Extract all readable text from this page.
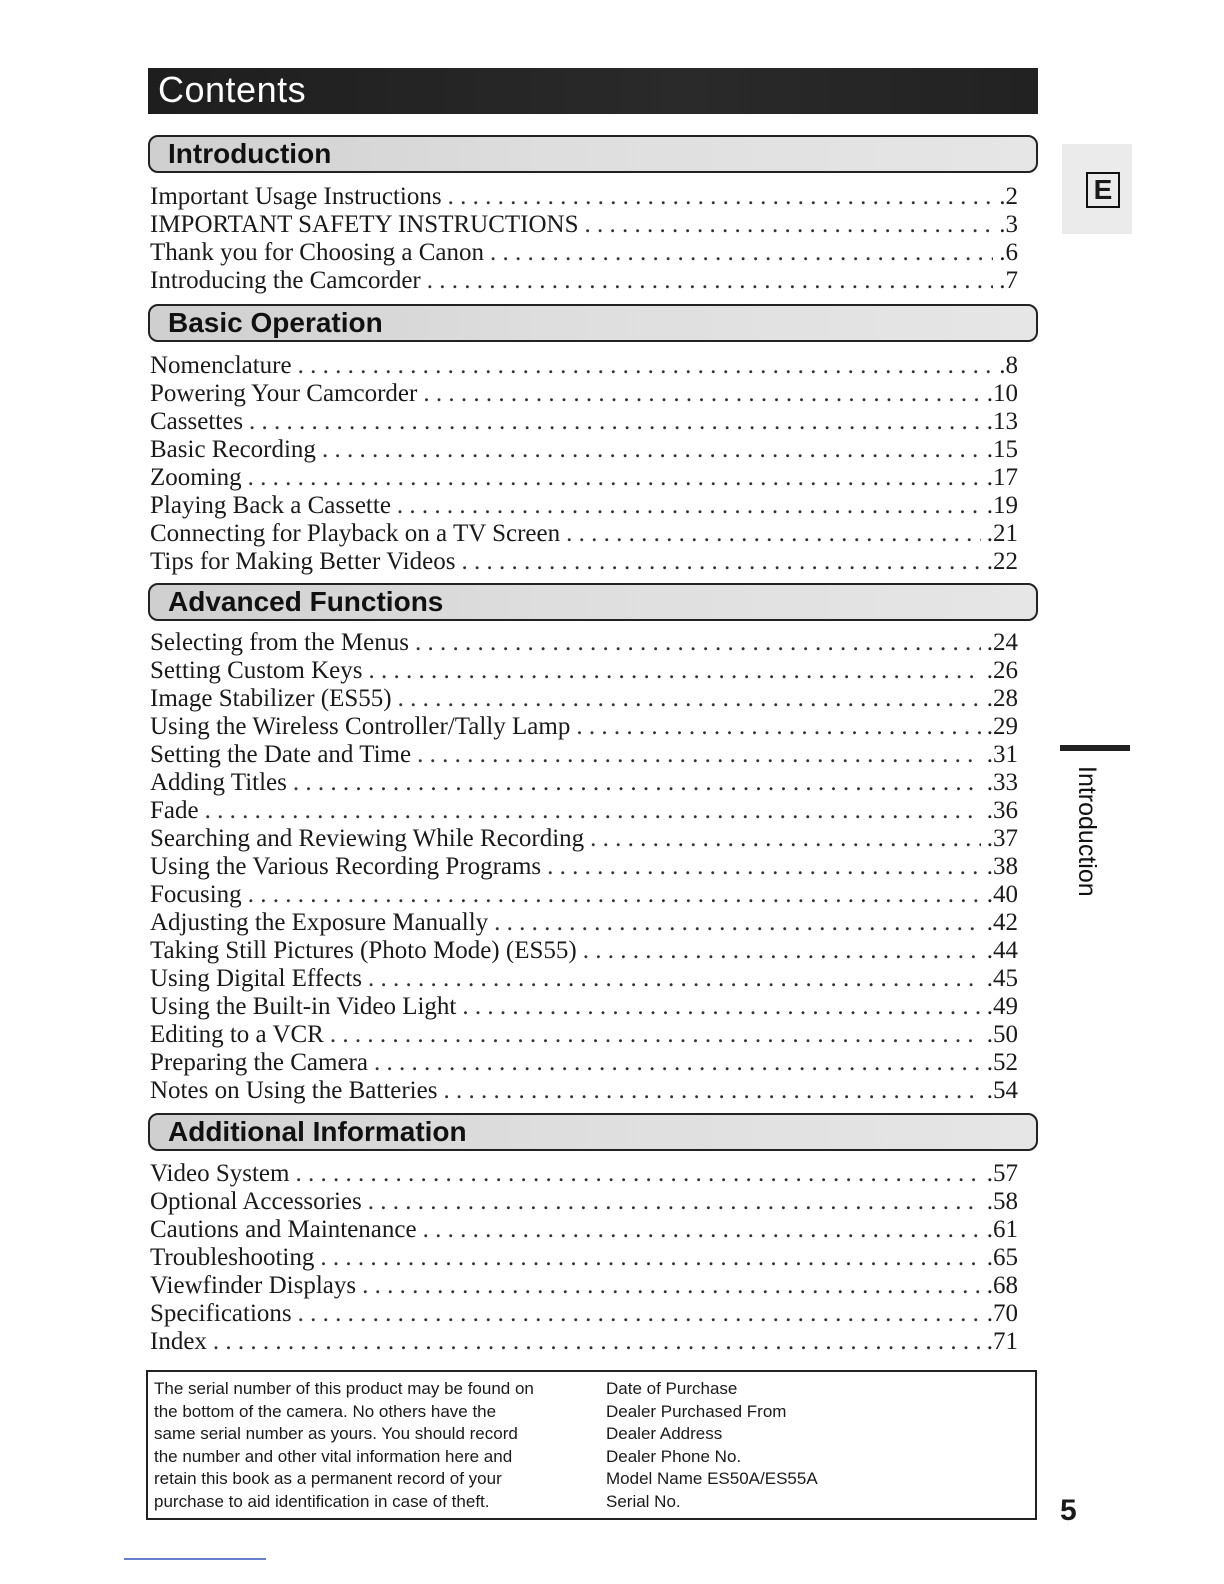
Contents
Introduction
Important Usage Instructions . . .	.2
IMPORTANT SAFETY INSTRUCTIONS . . .	.3
Thank you for Choosing a Canon . . .	.6
Introducing the Camcorder . . .	.7
Basic Operation
Nomenclature . . .	.8
Powering Your Camcorder . . .	.10
Cassettes . . .	.13
Basic Recording . . .	.15
Zooming . . .	.17
Playing Back a Cassette . . .	.19
Connecting for Playback on a TV Screen . . .	.21
Tips for Making Better Videos . . .	.22
Advanced Functions
Selecting from the Menus . . .	.24
Setting Custom Keys . . .	.26
Image Stabilizer (ES55) . . .	.28
Using the Wireless Controller/Tally Lamp . . .	.29
Setting the Date and Time . . .	.31
Adding Titles . . .	.33
Fade . . .	.36
Searching and Reviewing While Recording . . .	.37
Using the Various Recording Programs . . .	.38
Focusing . . .	.40
Adjusting the Exposure Manually . . .	.42
Taking Still Pictures (Photo Mode) (ES55) . . .	.44
Using Digital Effects . . .	.45
Using the Built-in Video Light . . .	.49
Editing to a VCR . . .	.50
Preparing the Camera . . .	.52
Notes on Using the Batteries . . .	.54
Additional Information
Video System . . .	.57
Optional Accessories . . .	.58
Cautions and Maintenance . . .	.61
Troubleshooting . . .	.65
Viewfinder Displays . . .	.68
Specifications . . .	.70
Index . . .	.71
The serial number of this product may be found on
the bottom of the camera. No others have the
same serial number as yours. You should record
the number and other vital information here and
retain this book as a permanent record of your
purchase to aid identification in case of theft.
Date of Purchase
Dealer Purchased From
Dealer Address
Dealer Phone No.
Model Name ES50A/ES55A
Serial No.
E
Introduction
5
